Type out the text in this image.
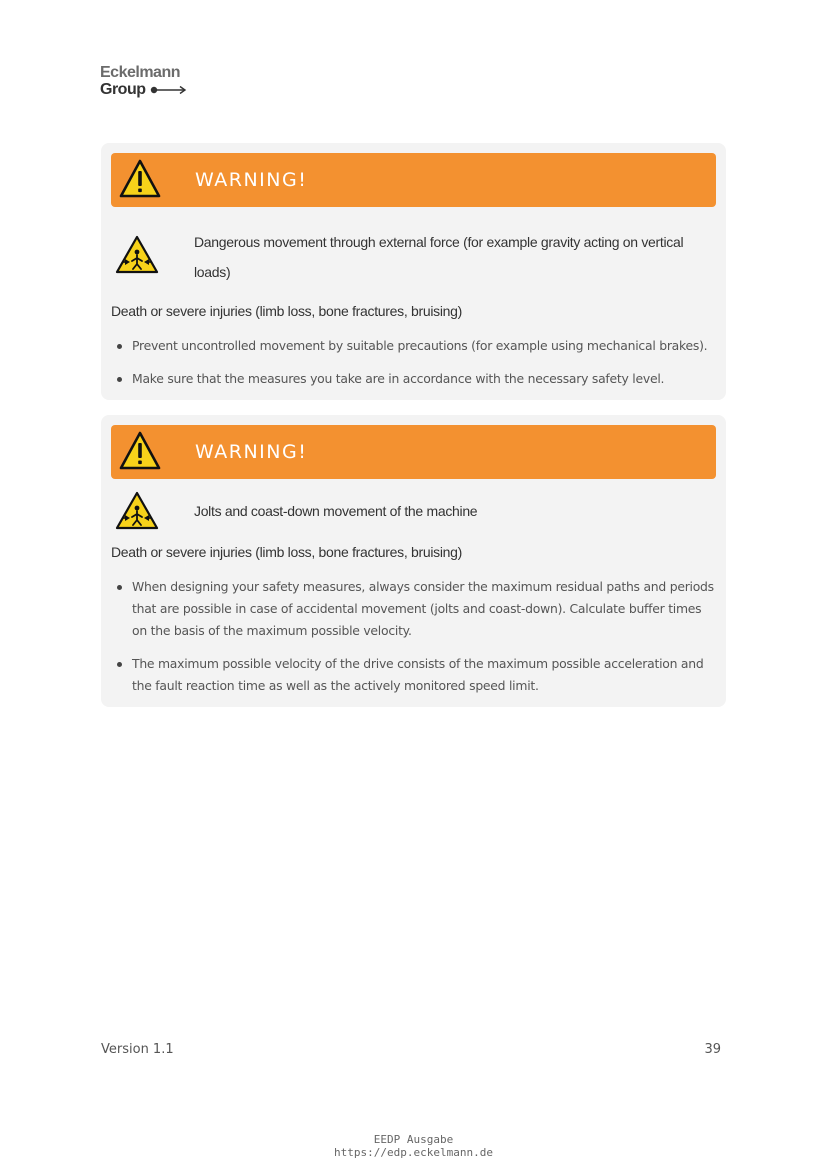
Eckelmann
Group
WARNING!
Dangerous movement through external force (for example gravity acting on vertical loads)
Death or severe injuries (limb loss, bone fractures, bruising)
Prevent uncontrolled movement by suitable precautions (for example using mechanical brakes).
Make sure that the measures you take are in accordance with the necessary safety level.
WARNING!
Jolts and coast-down movement of the machine
Death or severe injuries (limb loss, bone fractures, bruising)
When designing your safety measures, always consider the maximum residual paths and periods that are possible in case of accidental movement (jolts and coast-down). Calculate buffer times on the basis of the maximum possible velocity.
The maximum possible velocity of the drive consists of the maximum possible acceleration and the fault reaction time as well as the actively monitored speed limit.
Version 1.1	39
EEDP Ausgabe
https://edp.eckelmann.de
